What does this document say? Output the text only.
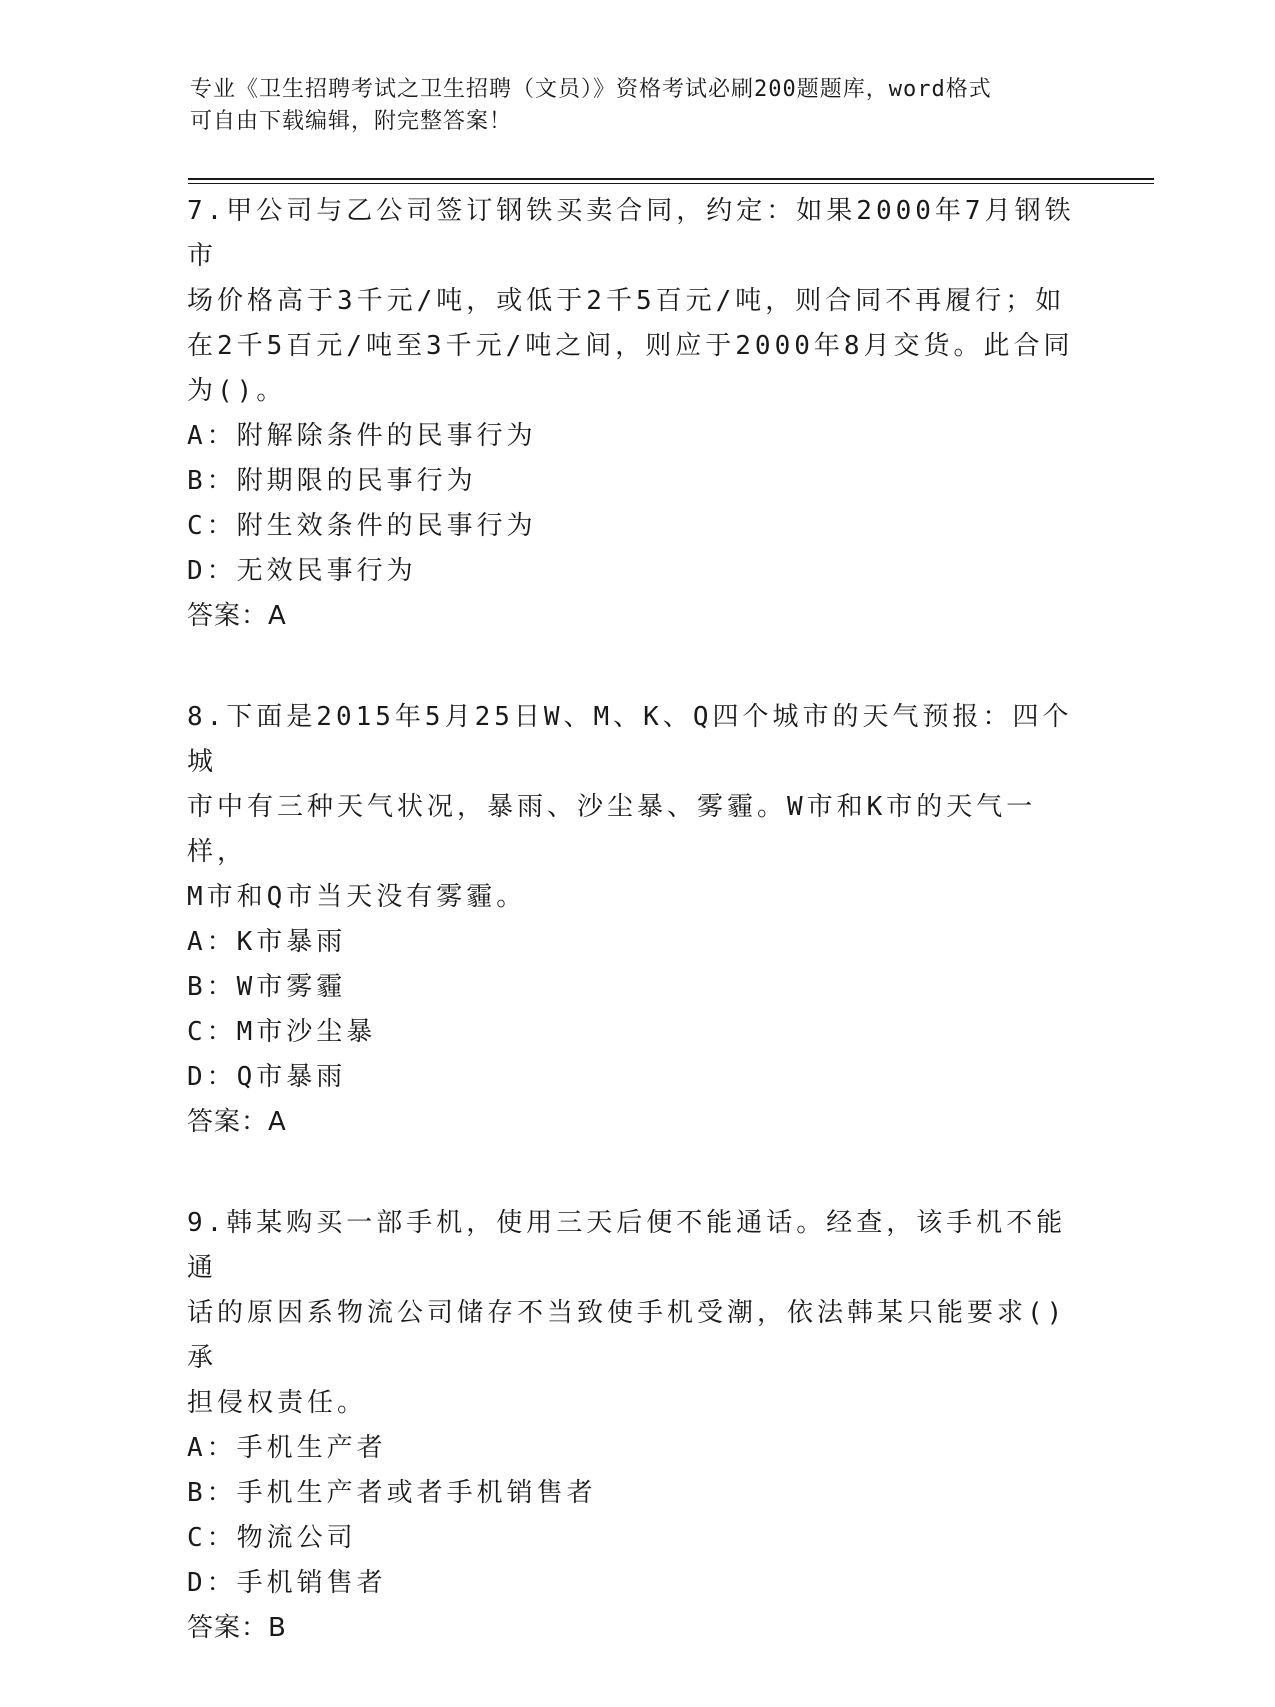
专业《卫生招聘考试之卫生招聘（文员）》资格考试必刷200题题库，word格式
可自由下载编辑，附完整答案！
7.甲公司与乙公司签订钢铁买卖合同，约定：如果2000年7月钢铁市
场价格高于3千元/吨，或低于2千5百元/吨，则合同不再履行；如
在2千5百元/吨至3千元/吨之间，则应于2000年8月交货。此合同
为()。
A：附解除条件的民事行为
B：附期限的民事行为
C：附生效条件的民事行为
D：无效民事行为
答案：A
8.下面是2015年5月25日W、M、K、Q四个城市的天气预报：四个城
市中有三种天气状况，暴雨、沙尘暴、雾霾。W市和K市的天气一样，
M市和Q市当天没有雾霾。
A：K市暴雨
B：W市雾霾
C：M市沙尘暴
D：Q市暴雨
答案：A
9.韩某购买一部手机，使用三天后便不能通话。经查，该手机不能通
话的原因系物流公司储存不当致使手机受潮，依法韩某只能要求()承
担侵权责任。
A：手机生产者
B：手机生产者或者手机销售者
C：物流公司
D：手机销售者
答案：B
